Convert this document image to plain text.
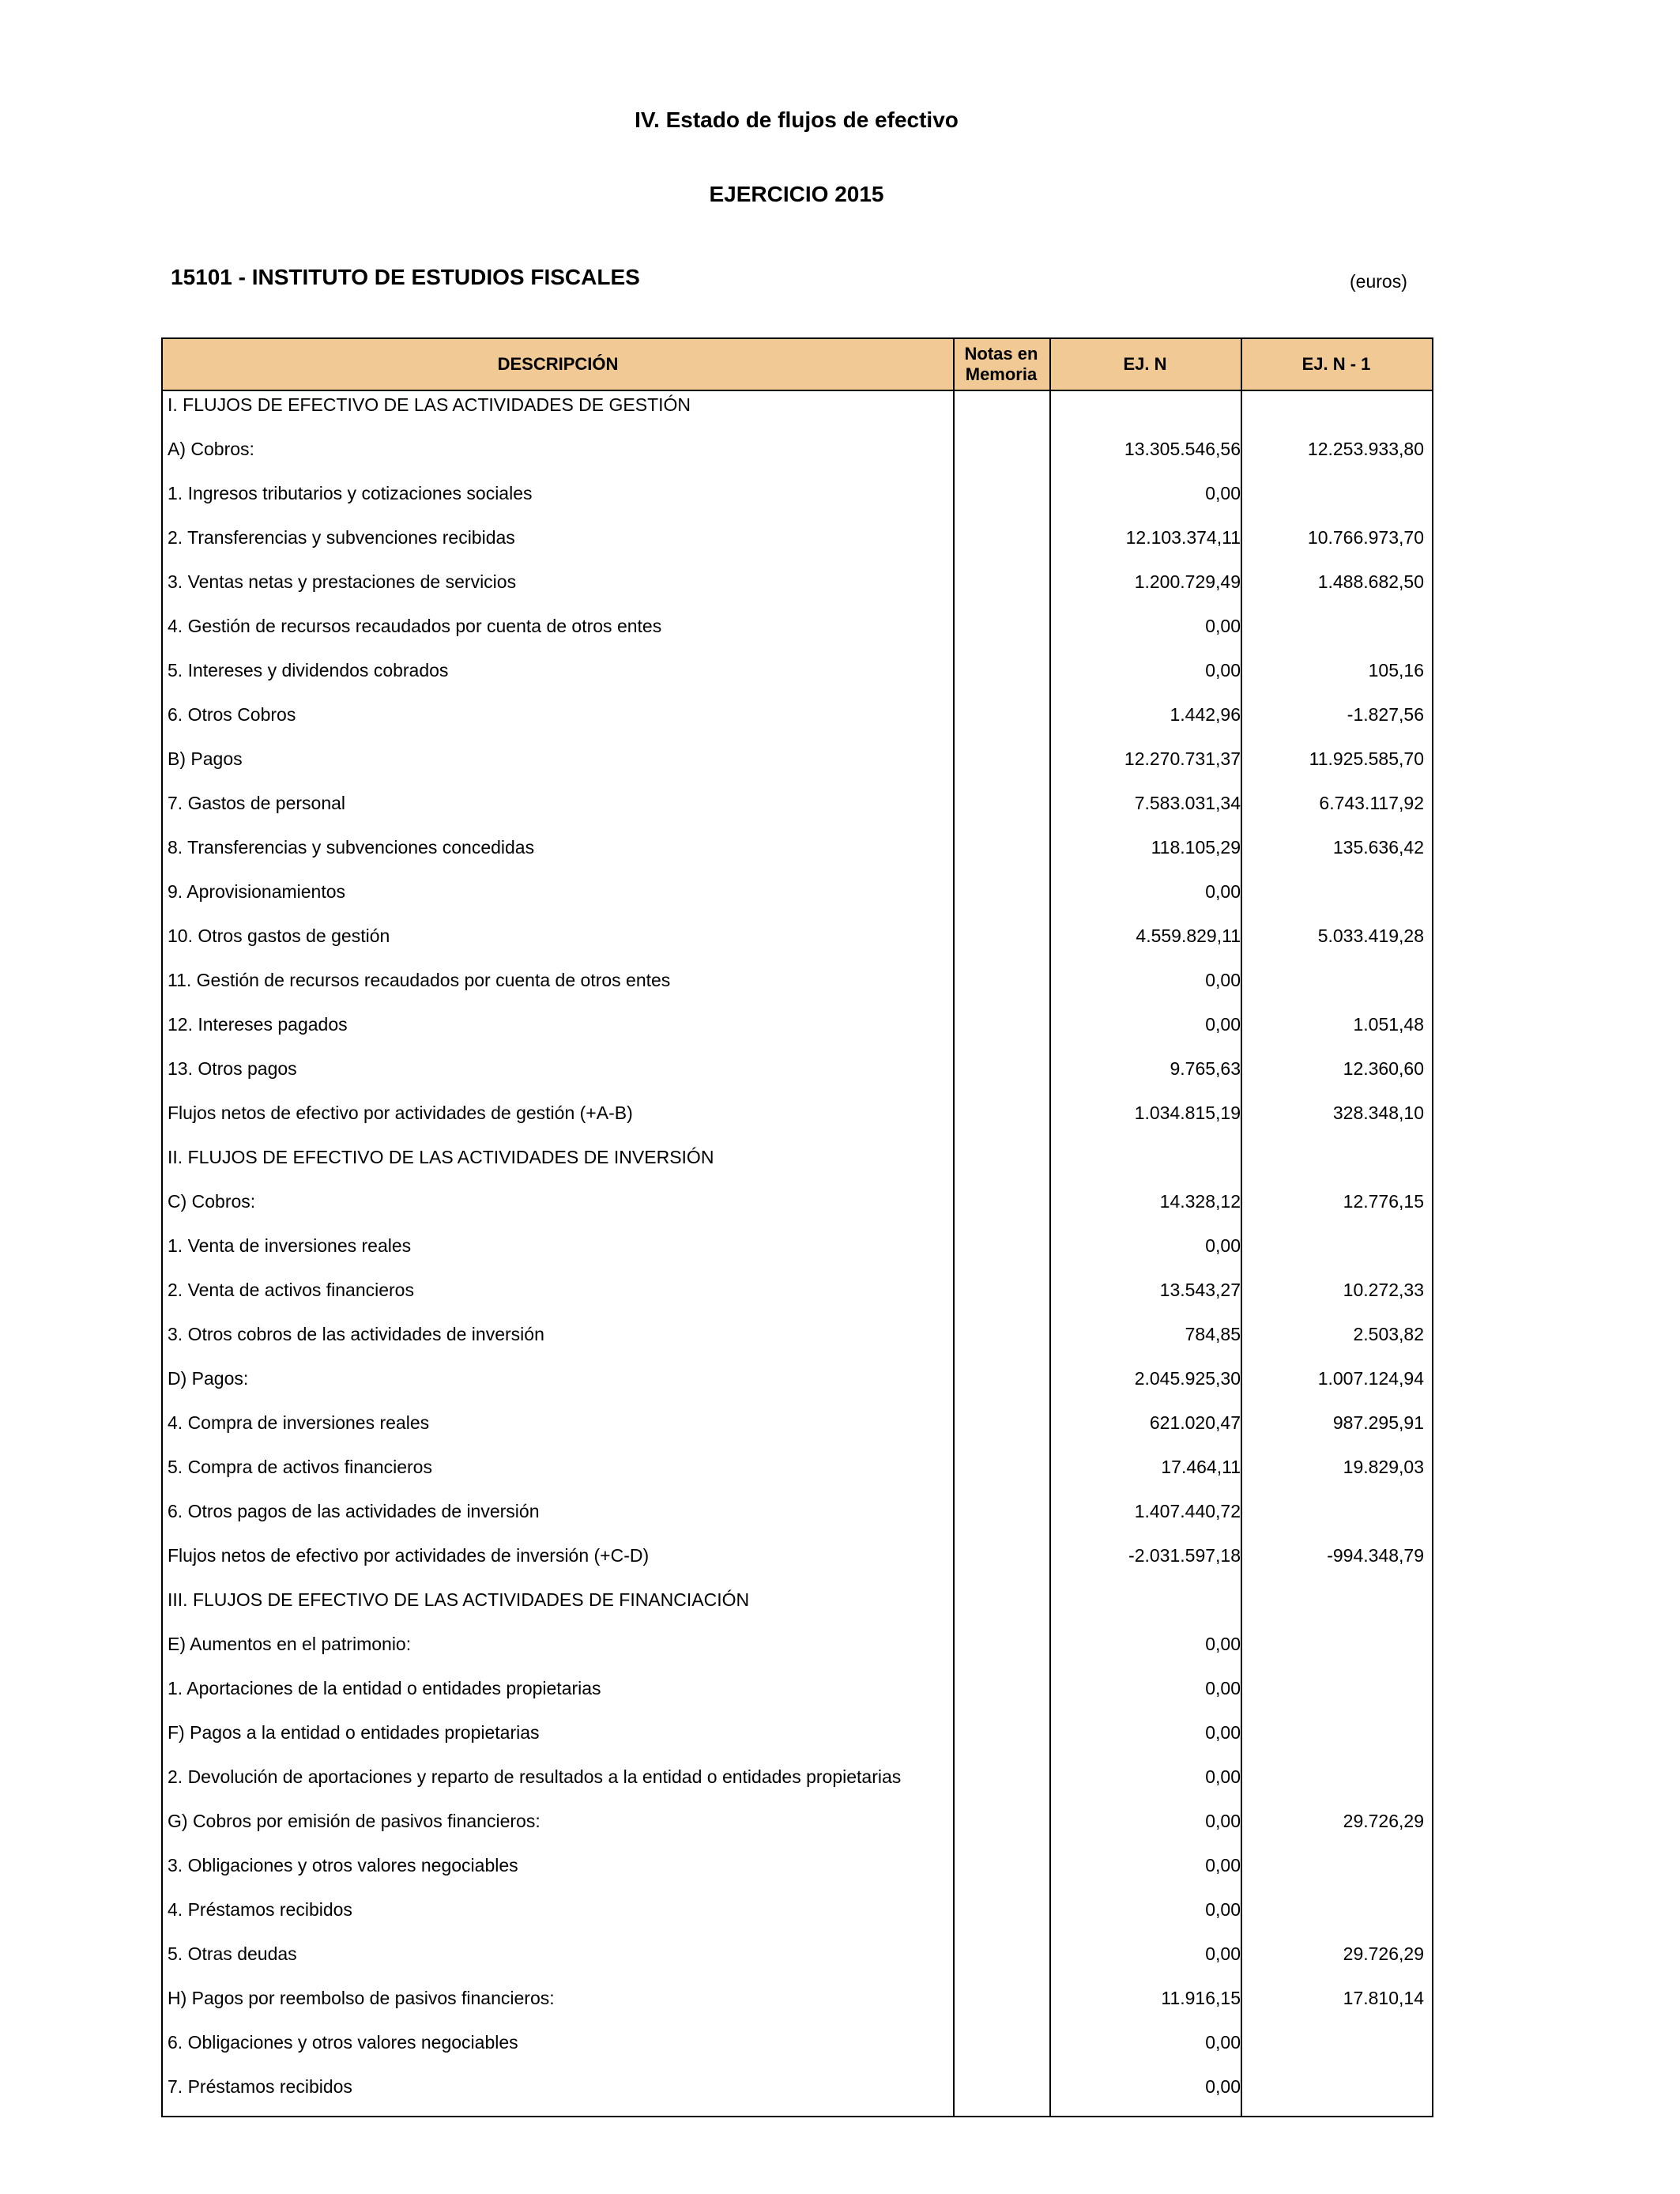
IV. Estado de flujos de efectivo
EJERCICIO 2015
15101 - INSTITUTO DE ESTUDIOS FISCALES	(euros)
DESCRIPCIÓN
Notas en Memoria
EJ. N	EJ. N - 1
I. FLUJOS DE EFECTIVO DE LAS ACTIVIDADES DE GESTIÓN
A) Cobros:	13.305.546,56	12.253.933,80
1. Ingresos tributarios y cotizaciones sociales	0,00
2. Transferencias y subvenciones recibidas	12.103.374,11	10.766.973,70
3. Ventas netas y prestaciones de servicios	1.200.729,49	1.488.682,50
4. Gestión de recursos recaudados por cuenta de otros entes	0,00
5. Intereses y dividendos cobrados	0,00	105,16
6. Otros Cobros	1.442,96	-1.827,56
B) Pagos	12.270.731,37	11.925.585,70
7. Gastos de personal	7.583.031,34	6.743.117,92
8. Transferencias y subvenciones concedidas	118.105,29	135.636,42
9. Aprovisionamientos	0,00
10. Otros gastos de gestión	4.559.829,11	5.033.419,28
11. Gestión de recursos recaudados por cuenta de otros entes	0,00
12. Intereses pagados	0,00	1.051,48
13. Otros pagos	9.765,63	12.360,60
Flujos netos de efectivo por actividades de gestión (+A-B)	1.034.815,19	328.348,10
II. FLUJOS DE EFECTIVO DE LAS ACTIVIDADES DE INVERSIÓN
C) Cobros:	14.328,12	12.776,15
1. Venta de inversiones reales	0,00
2. Venta de activos financieros	13.543,27	10.272,33
3. Otros cobros de las actividades de inversión	784,85	2.503,82
D) Pagos:	2.045.925,30	1.007.124,94
4. Compra de inversiones reales	621.020,47	987.295,91
5. Compra de activos financieros	17.464,11	19.829,03
6. Otros pagos de las actividades de inversión	1.407.440,72
Flujos netos de efectivo por actividades de inversión (+C-D)	-2.031.597,18	-994.348,79
III. FLUJOS DE EFECTIVO DE LAS ACTIVIDADES DE FINANCIACIÓN
E) Aumentos en el patrimonio:	0,00
1. Aportaciones de la entidad o entidades propietarias	0,00
F) Pagos a la entidad o entidades propietarias	0,00
2. Devolución de aportaciones y reparto de resultados a la entidad o entidades propietarias	0,00
G) Cobros por emisión de pasivos financieros:	0,00	29.726,29
3. Obligaciones y otros valores negociables	0,00
4. Préstamos recibidos	0,00
5. Otras deudas	0,00	29.726,29
H) Pagos por reembolso de pasivos financieros:	11.916,15	17.810,14
6. Obligaciones y otros valores negociables	0,00
7. Préstamos recibidos	0,00
